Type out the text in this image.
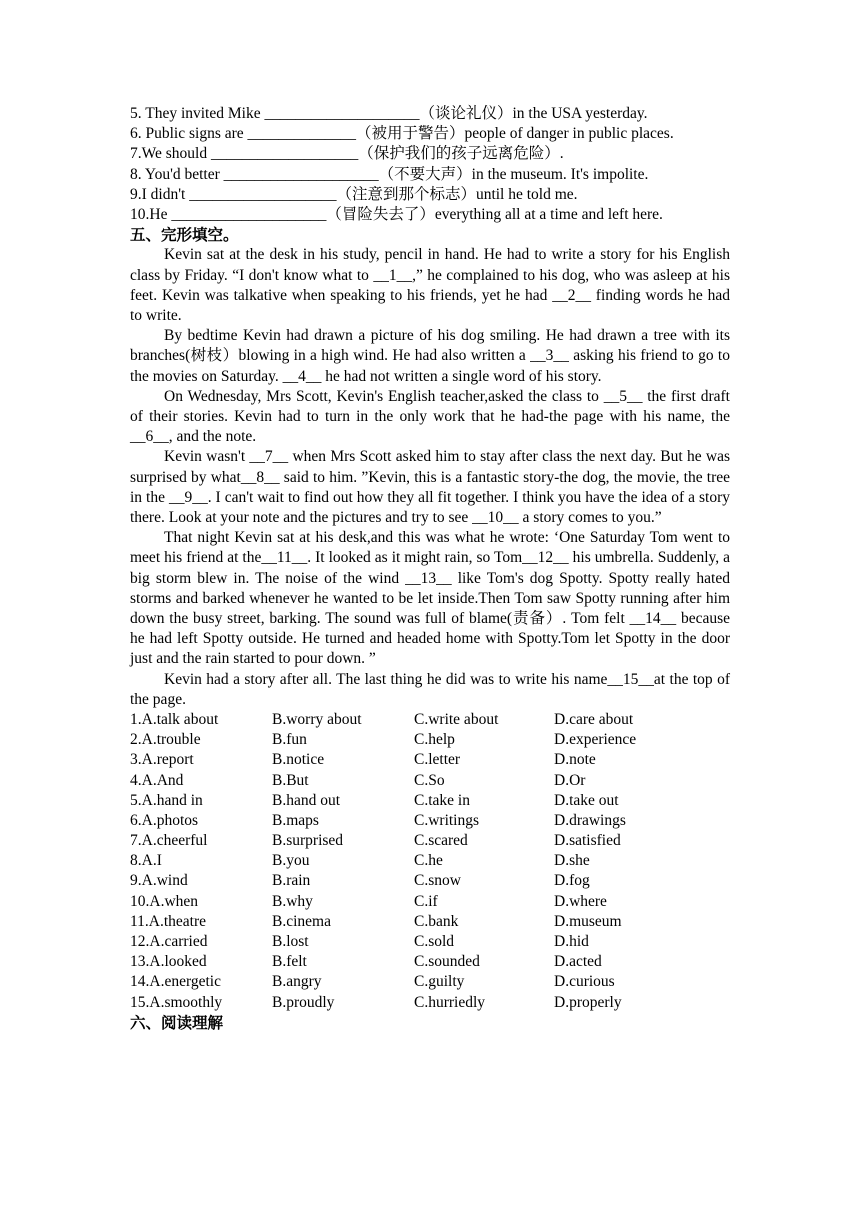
5. They invited Mike ____________________（谈论礼仪）in the USA yesterday.
6. Public signs are ______________（被用于警告）people of danger in public places.
7.We should ___________________（保护我们的孩子远离危险）.
8. You'd better ____________________（不要大声）in the museum. It's impolite.
9.I didn't ___________________（注意到那个标志）until he told me.
10.He ____________________（冒险失去了）everything all at a time and left here.
五、完形填空。

Kevin sat at the desk in his study, pencil in hand. He had to write a story for his English class by Friday. “I don't know what to __1__,” he complained to his dog, who was asleep at his feet. Kevin was talkative when speaking to his friends, yet he had __2__ finding words he had to write.

By bedtime Kevin had drawn a picture of his dog smiling. He had drawn a tree with its branches(树枝）blowing in a high wind. He had also written a __3__ asking his friend to go to the movies on Saturday. __4__ he had not written a single word of his story.

On Wednesday, Mrs Scott, Kevin's English teacher,asked the class to __5__ the first draft of their stories. Kevin had to turn in the only work that he had-the page with his name, the __6__, and the note.

Kevin wasn't __7__ when Mrs Scott asked him to stay after class the next day. But he was surprised by what__8__ said to him. ”Kevin, this is a fantastic story-the dog, the movie, the tree in the __9__. I can't wait to find out how they all fit together. I think you have the idea of a story there. Look at your note and the pictures and try to see __10__ a story comes to you.”

That night Kevin sat at his desk,and this was what he wrote: ‘One Saturday Tom went to meet his friend at the__11__. It looked as it might rain, so Tom__12__ his umbrella. Suddenly, a big storm blew in. The noise of the wind __13__ like Tom's dog Spotty. Spotty really hated storms and barked whenever he wanted to be let inside.Then Tom saw Spotty running after him down the busy street, barking. The sound was full of blame(责备）. Tom felt __14__ because he had left Spotty outside. He turned and headed home with Spotty.Tom let Spotty in the door just and the rain started to pour down. ”

Kevin had a story after all. The last thing he did was to write his name__15__at the top of the page.

1.A.talk about	B.worry about	C.write about	D.care about
2.A.trouble	B.fun	C.help	D.experience
3.A.report	B.notice	C.letter	D.note
4.A.And	B.But	C.So	D.Or
5.A.hand in	B.hand out	C.take in	D.take out
6.A.photos	B.maps	C.writings	D.drawings
7.A.cheerful	B.surprised	C.scared	D.satisfied
8.A.I	B.you	C.he	D.she
9.A.wind	B.rain	C.snow	D.fog
10.A.when	B.why	C.if	D.where
11.A.theatre	B.cinema	C.bank	D.museum
12.A.carried	B.lost	C.sold	D.hid
13.A.looked	B.felt	C.sounded	D.acted
14.A.energetic	B.angry	C.guilty	D.curious
15.A.smoothly	B.proudly	C.hurriedly	D.properly
六、阅读理解
